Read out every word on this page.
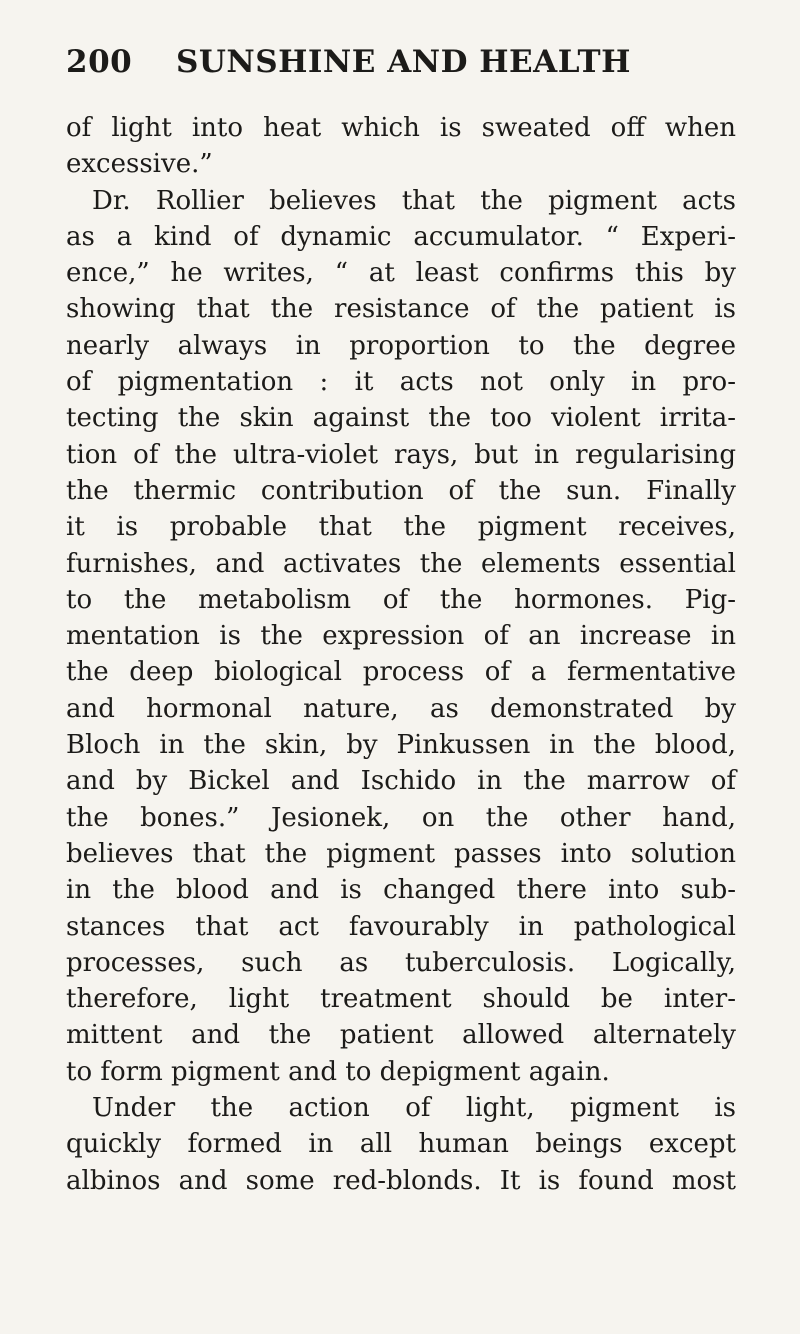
200	SUNSHINE AND HEALTH
of light into heat which is sweated off when
excessive.”
Dr. Rollier believes that the pigment acts
as a kind of dynamic accumulator. “ Experi-
ence,” he writes, “ at least confirms this by
showing that the resistance of the patient is
nearly always in proportion to the degree
of pigmentation : it acts not only in pro-
tecting the skin against the too violent irrita-
tion of the ultra-violet rays, but in regularising
the thermic contribution of the sun. Finally
it is probable that the pigment receives,
furnishes, and activates the elements essential
to the metabolism of the hormones. Pig-
mentation is the expression of an increase in
the deep biological process of a fermentative
and hormonal nature, as demonstrated by
Bloch in the skin, by Pinkussen in the blood,
and by Bickel and Ischido in the marrow of
the bones.” Jesionek, on the other hand,
believes that the pigment passes into solution
in the blood and is changed there into sub-
stances that act favourably in pathological
processes, such as tuberculosis. Logically,
therefore, light treatment should be inter-
mittent and the patient allowed alternately
to form pigment and to depigment again.
Under the action of light, pigment is
quickly formed in all human beings except
albinos and some red-blonds. It is found most
